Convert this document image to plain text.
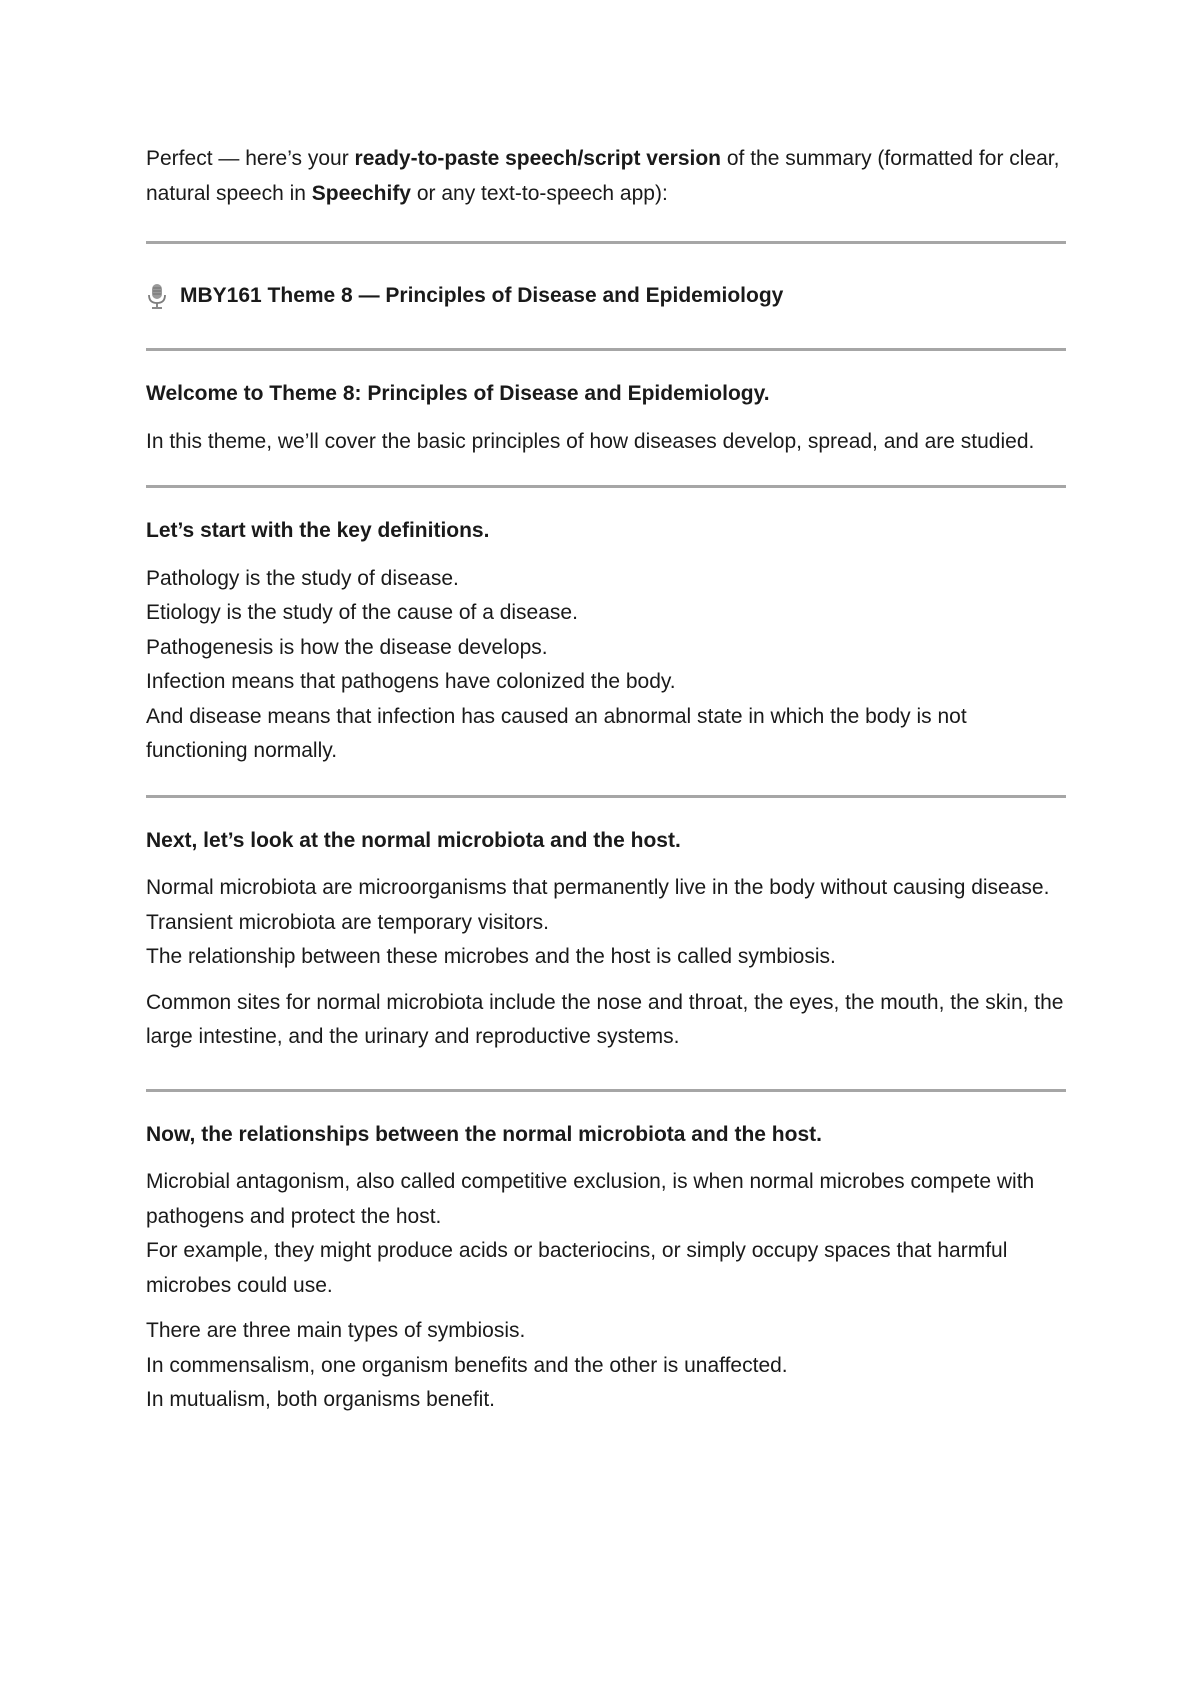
Perfect — here’s your ready-to-paste speech/script version of the summary (formatted for clear, natural speech in Speechify or any text-to-speech app):

MBY161 Theme 8 — Principles of Disease and Epidemiology
Welcome to Theme 8: Principles of Disease and Epidemiology.

In this theme, we’ll cover the basic principles of how diseases develop, spread, and are studied.

Let’s start with the key definitions.

Pathology is the study of disease.
Etiology is the study of the cause of a disease.
Pathogenesis is how the disease develops.
Infection means that pathogens have colonized the body.
And disease means that infection has caused an abnormal state in which the body is not functioning normally.

Next, let’s look at the normal microbiota and the host.

Normal microbiota are microorganisms that permanently live in the body without causing disease.
Transient microbiota are temporary visitors.
The relationship between these microbes and the host is called symbiosis.

Common sites for normal microbiota include the nose and throat, the eyes, the mouth, the skin, the large intestine, and the urinary and reproductive systems.

Now, the relationships between the normal microbiota and the host.

Microbial antagonism, also called competitive exclusion, is when normal microbes compete with pathogens and protect the host.
For example, they might produce acids or bacteriocins, or simply occupy spaces that harmful microbes could use.

There are three main types of symbiosis.
In commensalism, one organism benefits and the other is unaffected.
In mutualism, both organisms benefit.
